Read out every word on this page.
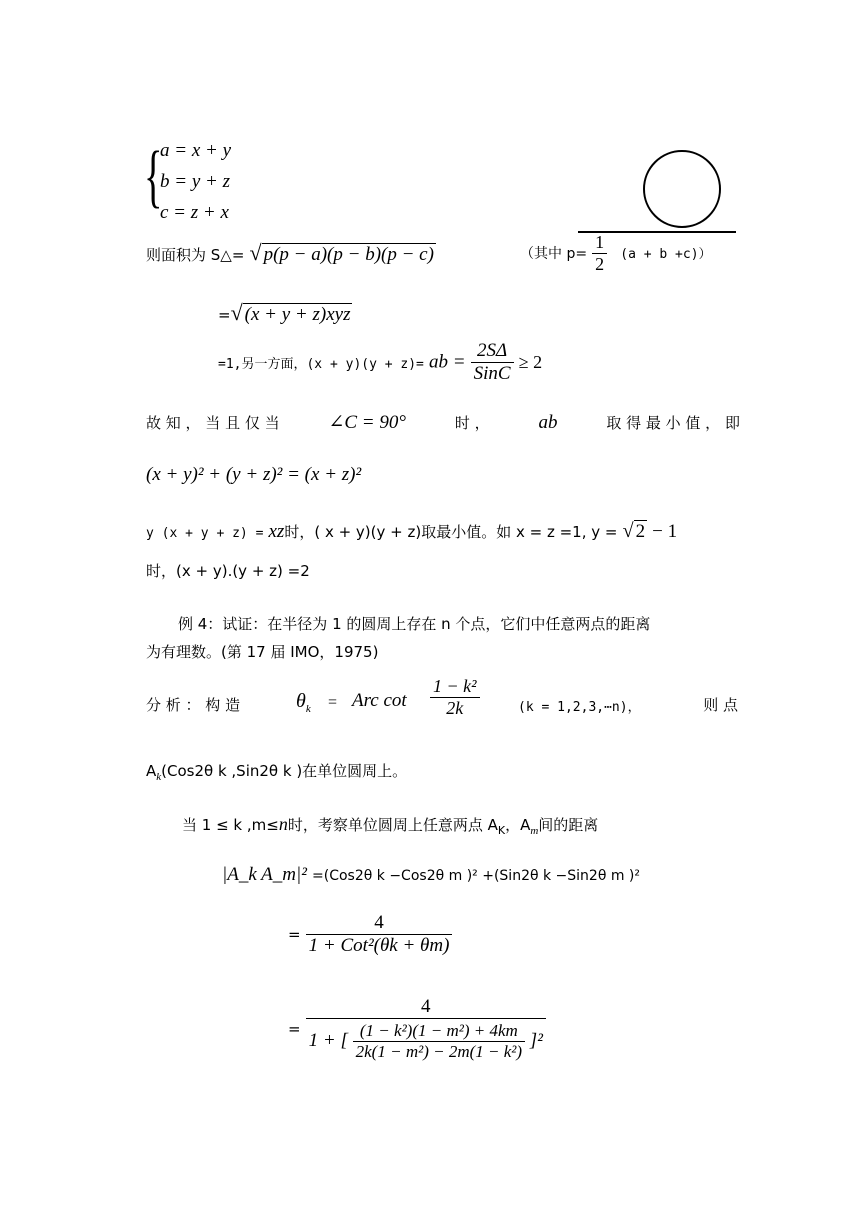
{
a = x + y
b = y + z
c = z + x
则面积为 S△= √ p(p − a)(p − b)(p − c)	（其中 $p= \frac{1}{2} (a + b +c)$）
=√ (x + y + z)xyz
=1,另一方面，(x + y)(y + z)= ab = $\frac{2S\Delta}{\text{SinC}} \ge 2$
故 知 ， 当 且 仅 当	∠C = 90°	时 ，	ab	取 得 最 小 值 ， 即
(x + y)² + (y + z)² = (x + z)²
y (x + y + z) = xz时，( x + y)(y + z)取最小值。如 x = z =1, y = √ 2 − 1
时，(x + y).(y + z) =2
例 4：试证：在半径为 1 的圆周上存在 n 个点，它们中任意两点的距离
为有理数。(第 17 届 IMO，1975)
分 析 ： 构 造	$\theta_k$ = Arc $\cot \frac{\text{1 − k²}}{2k}$	(k = 1,2,3,⋯n)，	则 点
$A_k(Cos2\theta$ k ,Sin2θ k )在单位圆周上。
当 1 ≤ k ,m≤n时，考察单位圆周上任意两点 $A_K$，$A_m$间的距离
|A_k A_m|² =(Cos2θ k −Cos2θ m )² +(Sin2θ k −Sin2θ m )²
= $\frac{4}{\text{1 + Cot²(θk + θm)}}$
=
4
1 + [ $\frac{\text{(1 − k²)(1 − m²) + 4km}}{\text{2k(1 − m²) − 2m(1 − k²)}} ]^2$
